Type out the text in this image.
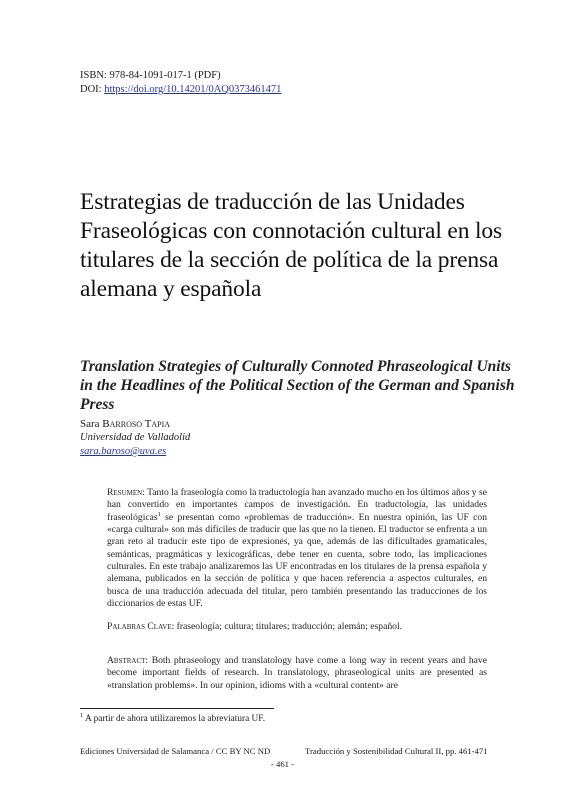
ISBN: 978-84-1091-017-1 (PDF)
DOI: https://doi.org/10.14201/0AQ0373461471
Estrategias de traducción de las Unidades Fraseológicas con connotación cultural en los titulares de la sección de política de la prensa alemana y española
Translation Strategies of Culturally Connoted Phraseological Units in the Headlines of the Political Section of the German and Spanish Press
Sara Barroso Tapia
Universidad de Valladolid
sara.baroso@uva.es
Resumen: Tanto la fraseología como la traductología han avanzado mucho en los últimos años y se han convertido en importantes campos de investigación. En traductología, las unidades fraseológicas$^1$ se presentan como «problemas de traducción». En nuestra opinión, las UF con «carga cultural» son más difíciles de traducir que las que no la tienen. El traductor se enfrenta a un gran reto al traducir este tipo de expresiones, ya que, además de las dificultades gramaticales, semánticas, pragmáticas y lexicográficas, debe tener en cuenta, sobre todo, las implicaciones culturales. En este trabajo analizaremos las UF encontradas en los titulares de la prensa española y alemana, publicados en la sección de política y que hacen referencia a aspectos culturales, en busca de una traducción adecuada del titular, pero también presentando las traducciones de los diccionarios de estas UF.
Palabras Clave: fraseología; cultura; titulares; traducción; alemán; español.
Abstract: Both phraseology and translatology have come a long way in recent years and have become important fields of research. In translatology, phraseological units are presented as «translation problems». In our opinion, idioms with a «cultural content» are
$^1$ A partir de ahora utilizaremos la abreviatura UF.
Ediciones Universidad de Salamanca / CC BY NC ND	Traducción y Sostenibilidad Cultural II, pp. 461-471
- 461 -
